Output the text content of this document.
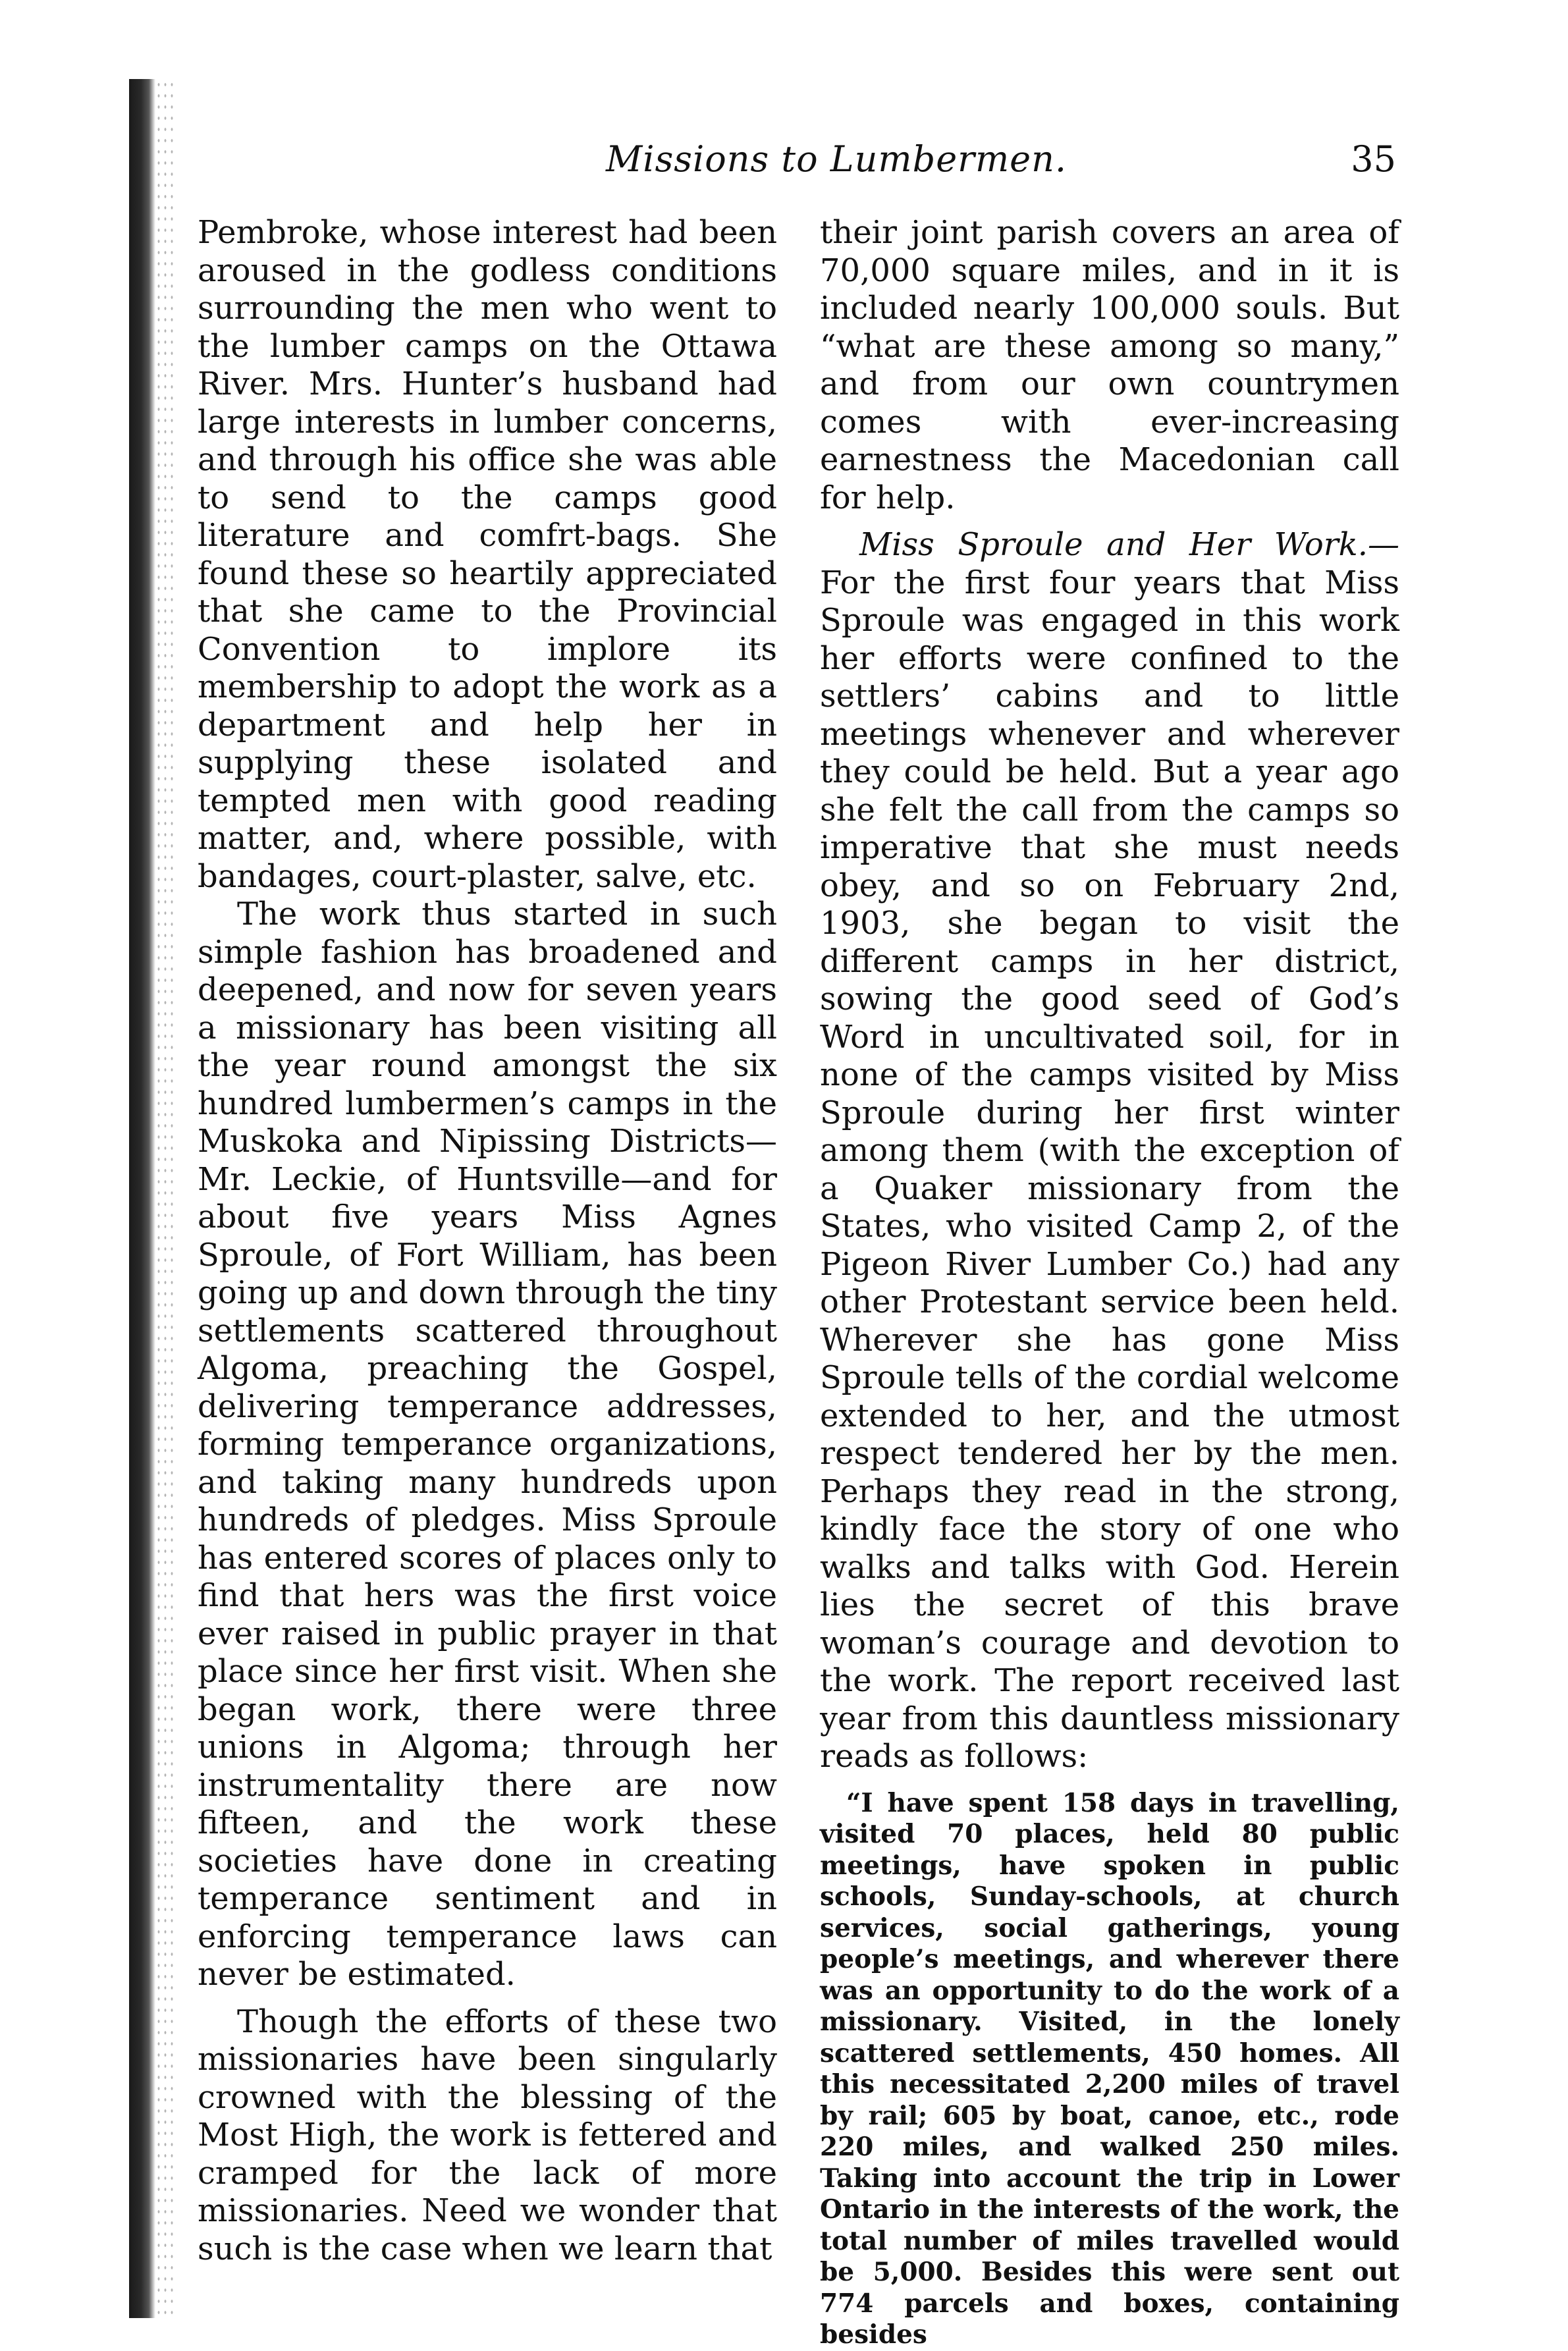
Missions to Lumbermen.	35

Pembroke, whose interest had been aroused in the godless conditions surrounding the men who went to the lumber camps on the Ottawa River. Mrs. Hunter’s husband had large interests in lumber concerns, and through his office she was able to send to the camps good literature and comfrt-bags. She found these so heartily appreciated that she came to the Provincial Convention to implore its membership to adopt the work as a department and help her in supplying these isolated and tempted men with good reading matter, and, where possible, with bandages, court-plaster, salve, etc.

The work thus started in such simple fashion has broadened and deepened, and now for seven years a missionary has been visiting all the year round amongst the six hundred lumbermen’s camps in the Muskoka and Nipissing Districts—Mr. Leckie, of Huntsville—and for about five years Miss Agnes Sproule, of Fort William, has been going up and down through the tiny settlements scattered throughout Algoma, preaching the Gospel, delivering temperance addresses, forming temperance organizations, and taking many hundreds upon hundreds of pledges. Miss Sproule has entered scores of places only to find that hers was the first voice ever raised in public prayer in that place since her first visit. When she began work, there were three unions in Algoma; through her instrumentality there are now fifteen, and the work these societies have done in creating temperance sentiment and in enforcing temperance laws can never be estimated.

Though the efforts of these two missionaries have been singularly crowned with the blessing of the Most High, the work is fettered and cramped for the lack of more missionaries. Need we wonder that such is the case when we learn that

their joint parish covers an area of 70,000 square miles, and in it is included nearly 100,000 souls. But “what are these among so many,” and from our own countrymen comes with ever-increasing earnestness the Macedonian call for help.

Miss Sproule and Her Work.— For the first four years that Miss Sproule was engaged in this work her efforts were confined to the settlers’ cabins and to little meetings whenever and wherever they could be held. But a year ago she felt the call from the camps so imperative that she must needs obey, and so on February 2nd, 1903, she began to visit the different camps in her district, sowing the good seed of God’s Word in uncultivated soil, for in none of the camps visited by Miss Sproule during her first winter among them (with the exception of a Quaker missionary from the States, who visited Camp 2, of the Pigeon River Lumber Co.) had any other Protestant service been held. Wherever she has gone Miss Sproule tells of the cordial welcome extended to her, and the utmost respect tendered her by the men. Perhaps they read in the strong, kindly face the story of one who walks and talks with God. Herein lies the secret of this brave woman’s courage and devotion to the work. The report received last year from this dauntless missionary reads as follows:

“I have spent 158 days in travelling, visited 70 places, held 80 public meetings, have spoken in public schools, Sunday-schools, at church services, social gatherings, young people’s meetings, and wherever there was an opportunity to do the work of a missionary. Visited, in the lonely scattered settlements, 450 homes. All this necessitated 2,200 miles of travel by rail; 605 by boat, canoe, etc., rode 220 miles, and walked 250 miles. Taking into account the trip in Lower Ontario in the interests of the work, the total number of miles travelled would be 5,000. Besides this were sent out 774 parcels and boxes, containing besides
